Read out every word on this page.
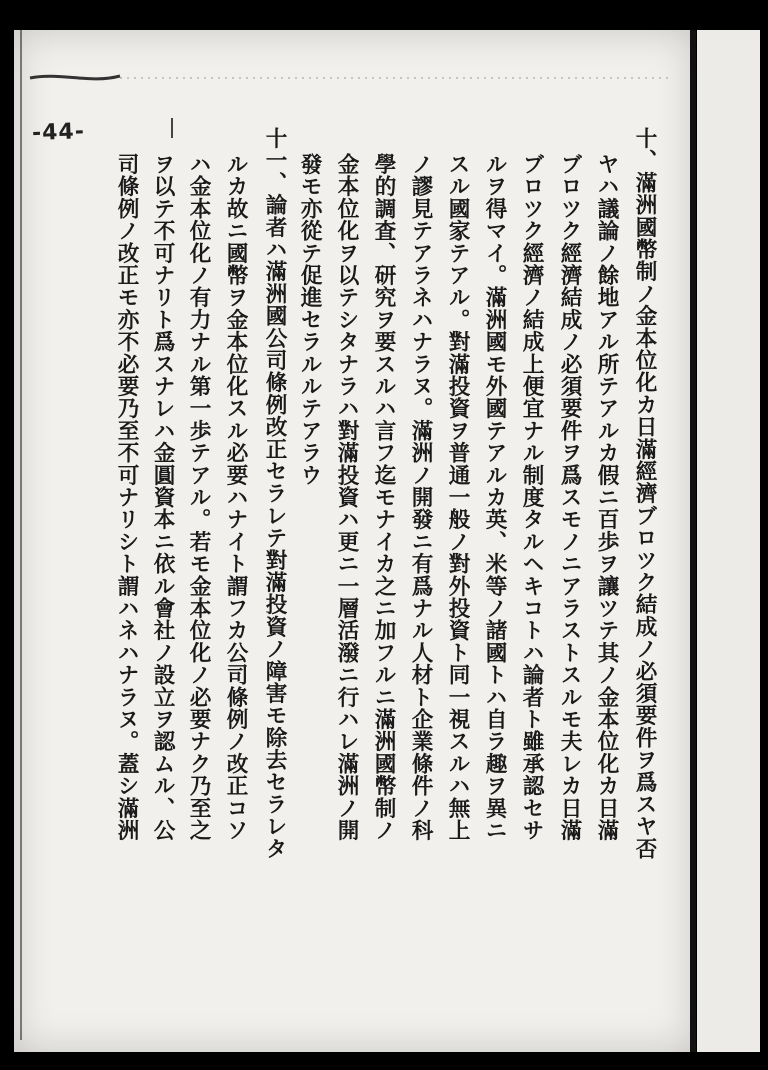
-44-	十、滿洲國幣制ノ金本位化カ日滿經濟ブロツク結成ノ必須要件ヲ爲スヤ否
ヤハ議論ノ餘地アル所テアルカ假ニ百歩ヲ讓ツテ其ノ金本位化カ日滿
ブロツク經濟結成ノ必須要件ヲ爲スモノニアラストスルモ夫レカ日滿
ブロツク經濟ノ結成上便宜ナル制度タルヘキコトハ論者ト雖承認セサ
ルヲ得マイ。滿洲國モ外國テアルカ英、米等ノ諸國トハ自ラ趣ヲ異ニ
スル國家テアル。對滿投資ヲ普通一般ノ對外投資ト同一視スルハ無上
ノ謬見テアラネハナラヌ。滿洲ノ開發ニ有爲ナル人材ト企業條件ノ科
學的調査、研究ヲ要スルハ言フ迄モナイカ之ニ加フルニ滿洲國幣制ノ
金本位化ヲ以テシタナラハ對滿投資ハ更ニ一層活潑ニ行ハレ滿洲ノ開
發モ亦從テ促進セラルルテアラウ
十一、論者ハ滿洲國公司條例改正セラレテ對滿投資ノ障害モ除去セラレタ
ルカ故ニ國幣ヲ金本位化スル必要ハナイト謂フカ公司條例ノ改正コソ
ハ金本位化ノ有力ナル第一歩テアル。若モ金本位化ノ必要ナク乃至之
ヲ以テ不可ナリト爲スナレハ金圓資本ニ依ル會社ノ設立ヲ認ムル、公
司條例ノ改正モ亦不必要乃至不可ナリシト謂ハネハナラヌ。蓋シ滿洲
